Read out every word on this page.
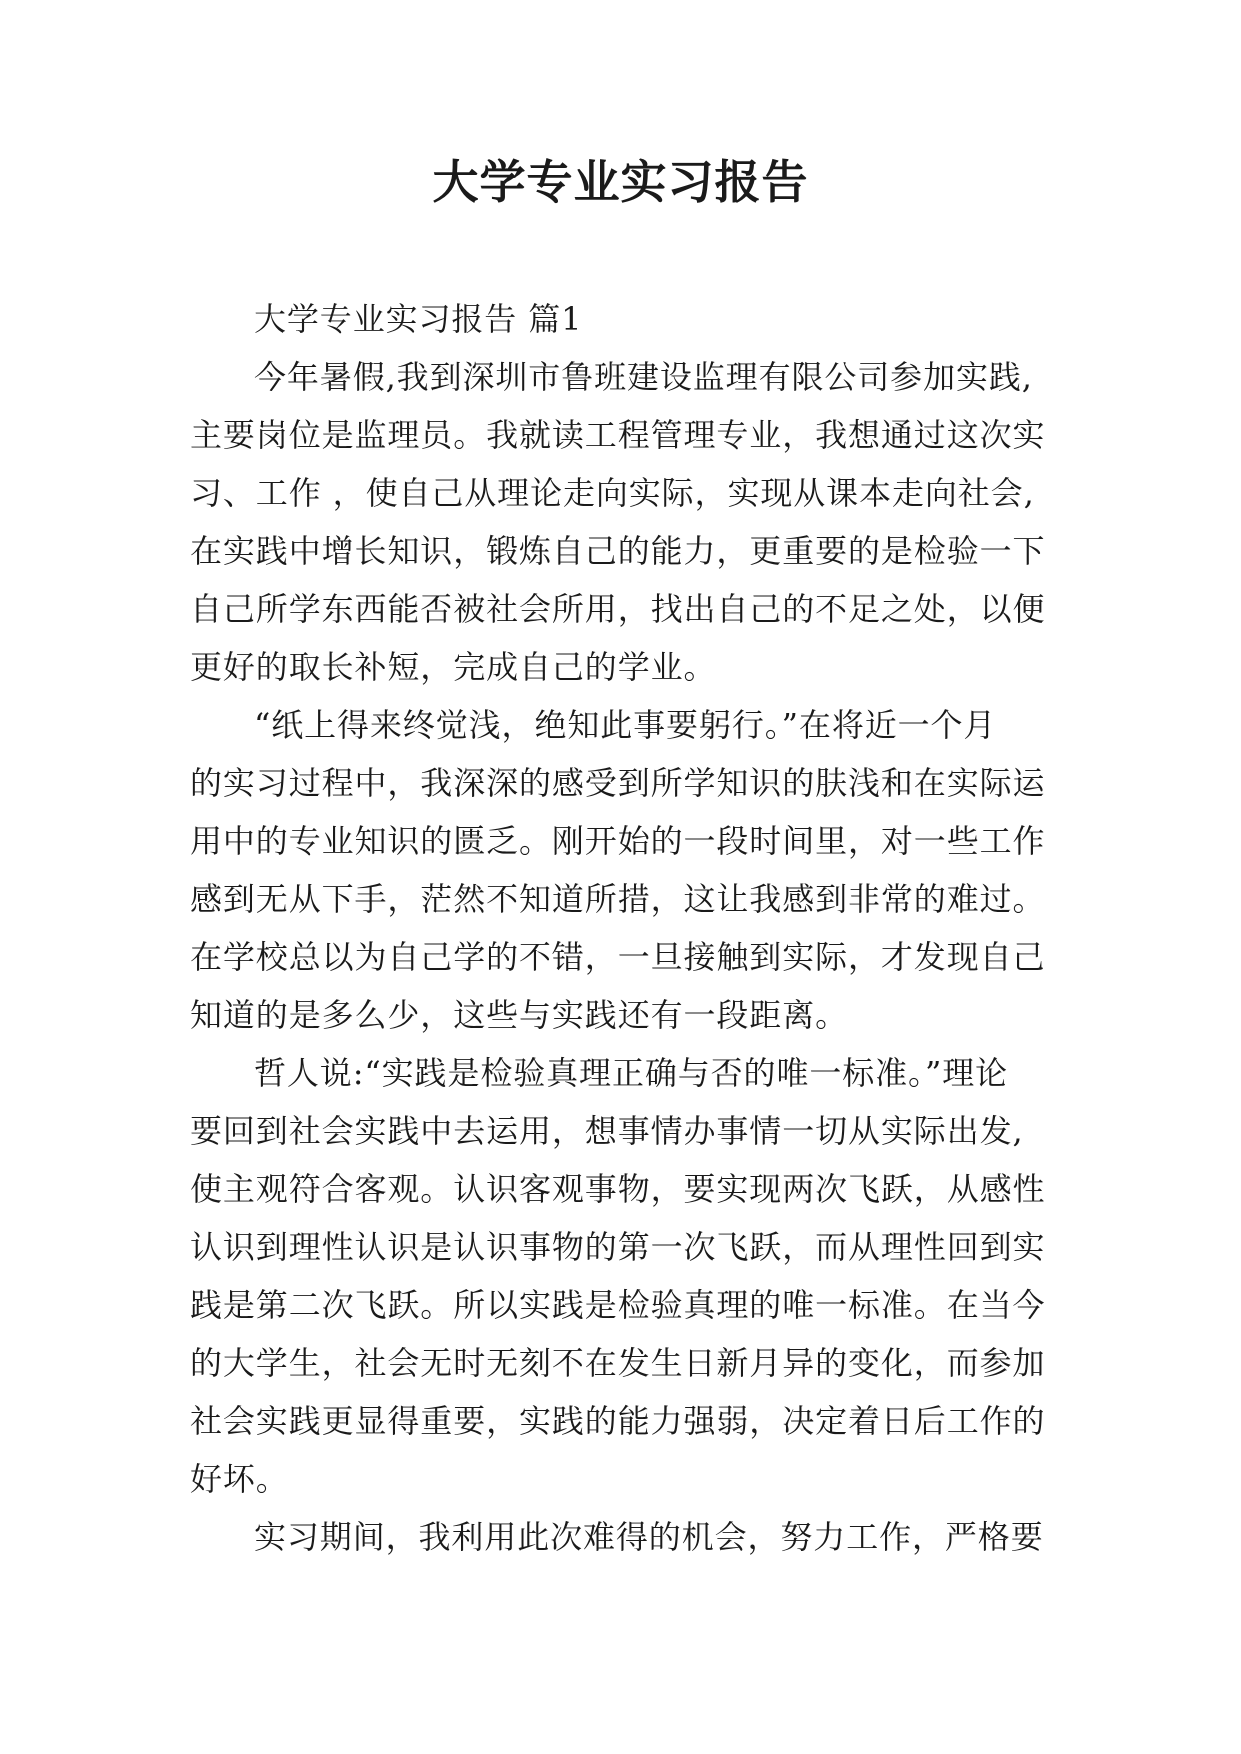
大学专业实习报告

大学专业实习报告 篇1

今年暑假,我到深圳市鲁班建设监理有限公司参加实践,

主要岗位是监理员。我就读工程管理专业，我想通过这次实

习、工作 ，使自己从理论走向实际，实现从课本走向社会,

在实践中增长知识，锻炼自己的能力，更重要的是检验一下

自己所学东西能否被社会所用，找出自己的不足之处，以便

更好的取长补短，完成自己的学业。

“纸上得来终觉浅，绝知此事要躬行。”在将近一个月

的实习过程中，我深深的感受到所学知识的肤浅和在实际运

用中的专业知识的匮乏。刚开始的一段时间里，对一些工作

感到无从下手，茫然不知道所措，这让我感到非常的难过。

在学校总以为自己学的不错，一旦接触到实际，才发现自己

知道的是多么少，这些与实践还有一段距离。

哲人说:“实践是检验真理正确与否的唯一标准。”理论

要回到社会实践中去运用，想事情办事情一切从实际出发,

使主观符合客观。认识客观事物，要实现两次飞跃，从感性

认识到理性认识是认识事物的第一次飞跃，而从理性回到实

践是第二次飞跃。所以实践是检验真理的唯一标准。在当今

的大学生，社会无时无刻不在发生日新月异的变化，而参加

社会实践更显得重要，实践的能力强弱，决定着日后工作的

好坏。

实习期间，我利用此次难得的机会，努力工作，严格要
